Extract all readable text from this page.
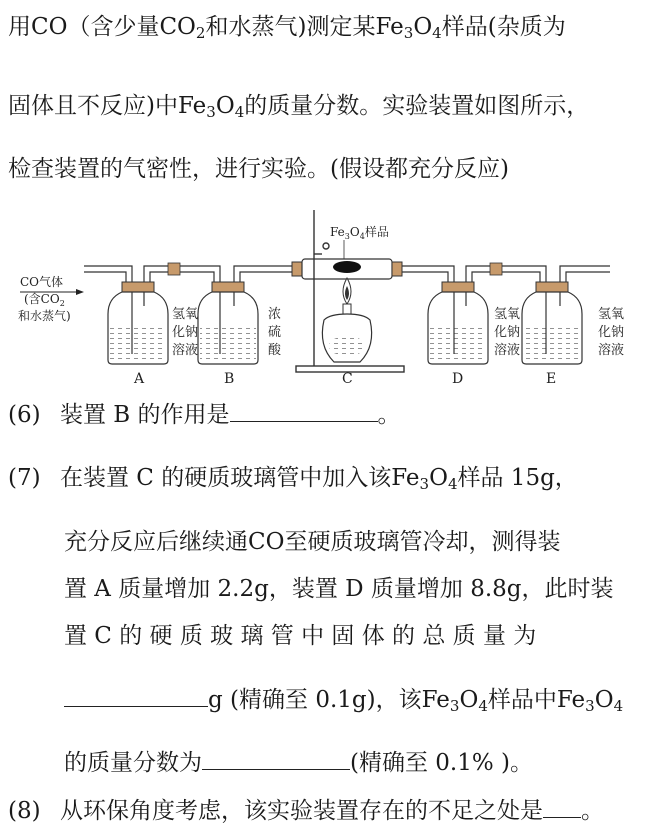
用CO（含少量$CO_2$和水蒸气)测定某$Fe_3O_4$样品(杂质为
固体且不反应)中$Fe_3O_4$的质量分数。实验装置如图所示，
检查装置的气密性，进行实验。(假设都充分反应)
CO气体
(含$CO_2$
和水蒸气)	氢氧 化钠 溶液
浓 硫 酸
氢氧 化钠 溶液
氢氧 化钠 溶液
$Fe_3O_4$样品
A	B	C	D	E
(6) 装置 B 的作用是	。
(7) 在装置 C 的硬质玻璃管中加入该$Fe_3O_4$样品 15g，
充分反应后继续通CO至硬质玻璃管冷却，测得装
置 A 质量增加 2.2g，装置 D 质量增加 8.8g，此时装
置 C 的 硬 质 玻 璃 管 中 固 体 的 总 质 量 为
g (精确至 0.1g)，该$Fe_3O_4$样品中$Fe_3O_4$
的质量分数为	(精确至 0.1% )。
(8) 从环保角度考虑，该实验装置存在的不足之处是 。
